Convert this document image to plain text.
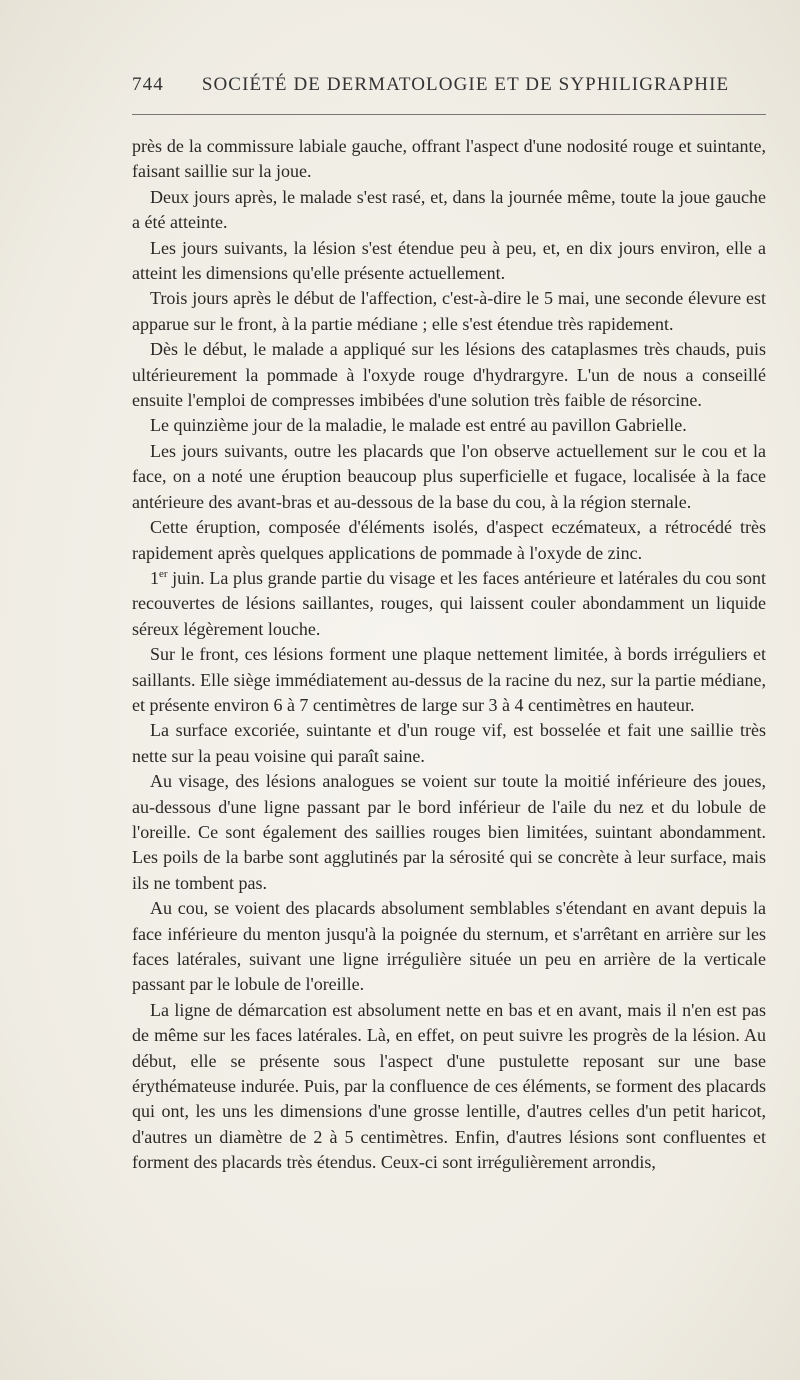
744 SOCIÉTÉ DE DERMATOLOGIE ET DE SYPHILIGRAPHIE

près de la commissure labiale gauche, offrant l'aspect d'une nodosité rouge et suintante, faisant saillie sur la joue.

Deux jours après, le malade s'est rasé, et, dans la journée même, toute la joue gauche a été atteinte.

Les jours suivants, la lésion s'est étendue peu à peu, et, en dix jours environ, elle a atteint les dimensions qu'elle présente actuellement.

Trois jours après le début de l'affection, c'est-à-dire le 5 mai, une seconde élevure est apparue sur le front, à la partie médiane ; elle s'est étendue très rapidement.

Dès le début, le malade a appliqué sur les lésions des cataplasmes très chauds, puis ultérieurement la pommade à l'oxyde rouge d'hydrargyre. L'un de nous a conseillé ensuite l'emploi de compresses imbibées d'une solution très faible de résorcine.

Le quinzième jour de la maladie, le malade est entré au pavillon Gabrielle.

Les jours suivants, outre les placards que l'on observe actuellement sur le cou et la face, on a noté une éruption beaucoup plus superficielle et fugace, localisée à la face antérieure des avant-bras et au-dessous de la base du cou, à la région sternale.

Cette éruption, composée d'éléments isolés, d'aspect eczémateux, a rétrocédé très rapidement après quelques applications de pommade à l'oxyde de zinc.

1er juin. La plus grande partie du visage et les faces antérieure et latérales du cou sont recouvertes de lésions saillantes, rouges, qui laissent couler abondamment un liquide séreux légèrement louche.

Sur le front, ces lésions forment une plaque nettement limitée, à bords irréguliers et saillants. Elle siège immédiatement au-dessus de la racine du nez, sur la partie médiane, et présente environ 6 à 7 centimètres de large sur 3 à 4 centimètres en hauteur.

La surface excoriée, suintante et d'un rouge vif, est bosselée et fait une saillie très nette sur la peau voisine qui paraît saine.

Au visage, des lésions analogues se voient sur toute la moitié inférieure des joues, au-dessous d'une ligne passant par le bord inférieur de l'aile du nez et du lobule de l'oreille. Ce sont également des saillies rouges bien limitées, suintant abondamment. Les poils de la barbe sont agglutinés par la sérosité qui se concrète à leur surface, mais ils ne tombent pas.

Au cou, se voient des placards absolument semblables s'étendant en avant depuis la face inférieure du menton jusqu'à la poignée du sternum, et s'arrêtant en arrière sur les faces latérales, suivant une ligne irrégulière située un peu en arrière de la verticale passant par le lobule de l'oreille.

La ligne de démarcation est absolument nette en bas et en avant, mais il n'en est pas de même sur les faces latérales. Là, en effet, on peut suivre les progrès de la lésion. Au début, elle se présente sous l'aspect d'une pustulette reposant sur une base érythémateuse indurée. Puis, par la confluence de ces éléments, se forment des placards qui ont, les uns les dimensions d'une grosse lentille, d'autres celles d'un petit haricot, d'autres un diamètre de 2 à 5 centimètres. Enfin, d'autres lésions sont confluentes et forment des placards très étendus. Ceux-ci sont irrégulièrement arrondis,
